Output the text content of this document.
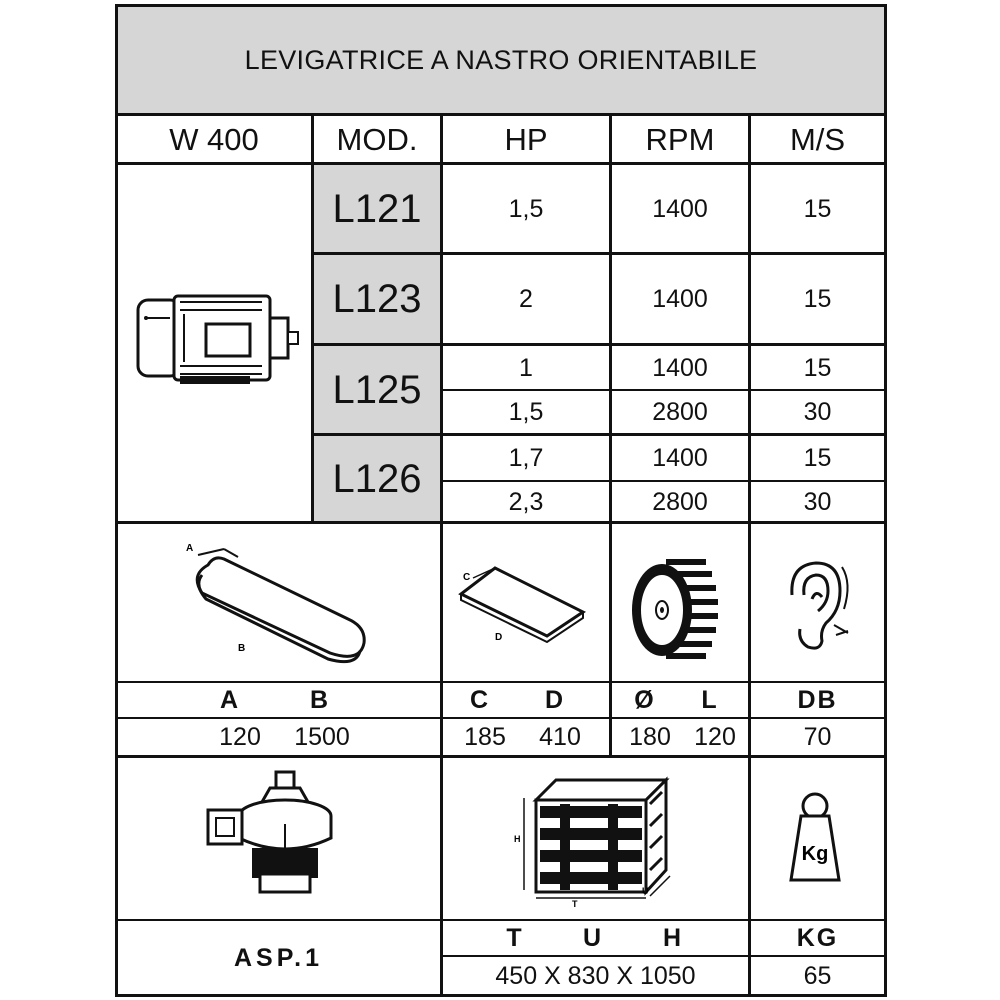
LEVIGATRICE A NASTRO ORIENTABILE
W 400	MOD.	HP	RPM	M/S
L121	1,5	1400	15
L123	2	1400	15
L125	1	1400	15
1,5	2800	30
L126	1,7	1400	15
2,3	2800	30
A
B
C
D
A	B	C	D	Ø	L	DB
120	1500	185	410	180 120	70
H
T
U
Kg
ASP.1
T	U	H	KG
450 X 830 X 1050	65
